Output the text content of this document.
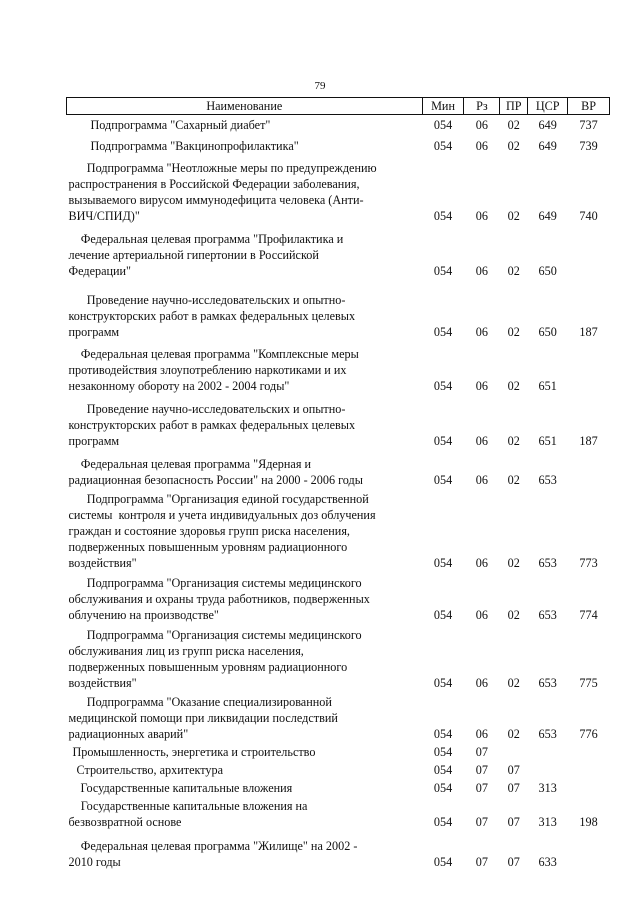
79
Наименование	Мин	Рз	ПР	ЦСР	ВР

Подпрограмма "Сахарный диабет"	054	06	02	649	737

Подпрограмма "Вакцинопрофилактика"	054	06	02	649	739

Подпрограмма "Неотложные меры по предупреждению
распространения в Российской Федерации заболевания,
вызываемого вирусом иммунодефицита человека (Анти-
ВИЧ/СПИД)"	054	06	02	649	740

Федеральная целевая программа "Профилактика и
лечение артериальной гипертонии в Российской
Федерации"	054	06	02	650	

Проведение научно-исследовательских и опытно-
конструкторских работ в рамках федеральных целевых
программ	054	06	02	650	187

Федеральная целевая программа "Комплексные меры
противодействия злоупотреблению наркотиками и их
незаконному обороту на 2002 - 2004 годы"	054	06	02	651	

Проведение научно-исследовательских и опытно-
конструкторских работ в рамках федеральных целевых
программ	054	06	02	651	187

Федеральная целевая программа "Ядерная и
радиационная безопасность России" на 2000 - 2006 годы	054	06	02	653	

Подпрограмма "Организация единой государственной
системы  контроля и учета индивидуальных доз облучения
граждан и состояние здоровья групп риска населения,
подверженных повышенным уровням радиационного
воздействия"	054	06	02	653	773

Подпрограмма "Организация системы медицинского
обслуживания и охраны труда работников, подверженных
облучению на производстве"	054	06	02	653	774

Подпрограмма "Организация системы медицинского
обслуживания лиц из групп риска населения,
подверженных повышенным уровням радиационного
воздействия"	054	06	02	653	775

Подпрограмма "Оказание специализированной
медицинской помощи при ликвидации последствий
радиационных аварий"	054	06	02	653	776

Промышленность, энергетика и строительство	054	07			

Строительство, архитектура	054	07	07		

Государственные капитальные вложения	054	07	07	313	

Государственные капитальные вложения на
безвозвратной основе	054	07	07	313	198

Федеральная целевая программа "Жилище" на 2002 -
2010 годы	054	07	07	633	
